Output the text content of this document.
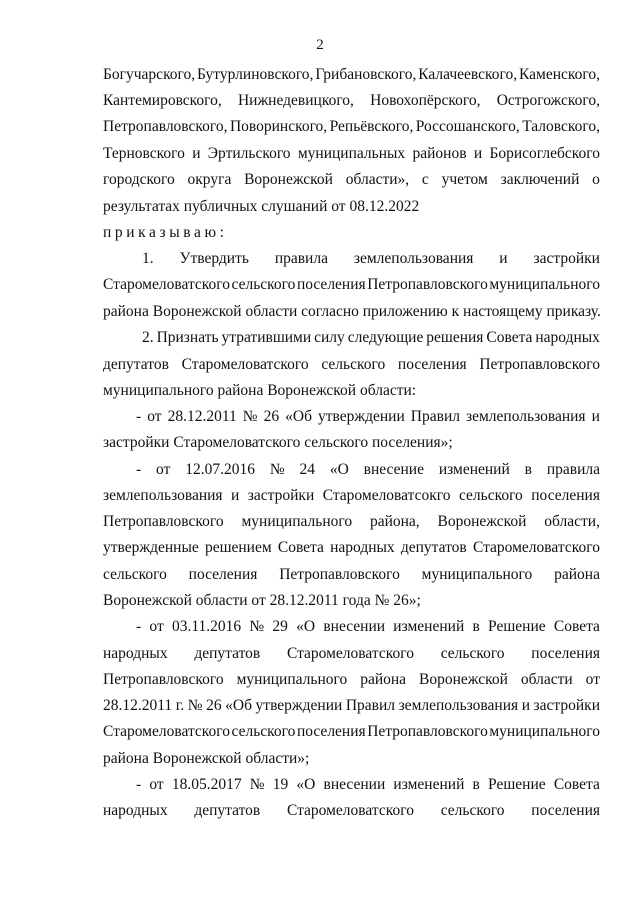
2
Богучарского, Бутурлиновского, Грибановского, Калачеевского, Каменского,
Кантемировского, Нижнедевицкого, Новохопёрского, Острогожского,
Петропавловского, Поворинского, Репьёвского, Россошанского, Таловского,
Терновского и Эртильского муниципальных районов и Борисоглебского
городского округа Воронежской области», с учетом заключений о
результатах публичных слушаний от 08.12.2022
приказываю:
1. Утвердить правила землепользования и застройки
Старомеловатского сельского поселения Петропавловского муниципального
района Воронежской области согласно приложению к настоящему приказу.
2. Признать утратившими силу следующие решения Совета народных
депутатов Старомеловатского сельского поселения Петропавловского
муниципального района Воронежской области:
- от 28.12.2011 № 26 «Об утверждении Правил землепользования и
застройки Старомеловатского сельского поселения»;
- от 12.07.2016 № 24 «О внесение изменений в правила
землепользования и застройки Старомеловатсокго сельского поселения
Петропавловского муниципального района, Воронежской области,
утвержденные решением Совета народных депутатов Старомеловатского
сельского поселения Петропавловского муниципального района
Воронежской области от 28.12.2011 года № 26»;
- от 03.11.2016 № 29 «О внесении изменений в Решение Совета
народных депутатов Старомеловатского сельского поселения
Петропавловского муниципального района Воронежской области от
28.12.2011 г. № 26 «Об утверждении Правил землепользования и застройки
Старомеловатского сельского поселения Петропавловского муниципального
района Воронежской области»;
- от 18.05.2017 № 19 «О внесении изменений в Решение Совета
народных депутатов Старомеловатского сельского поселения
